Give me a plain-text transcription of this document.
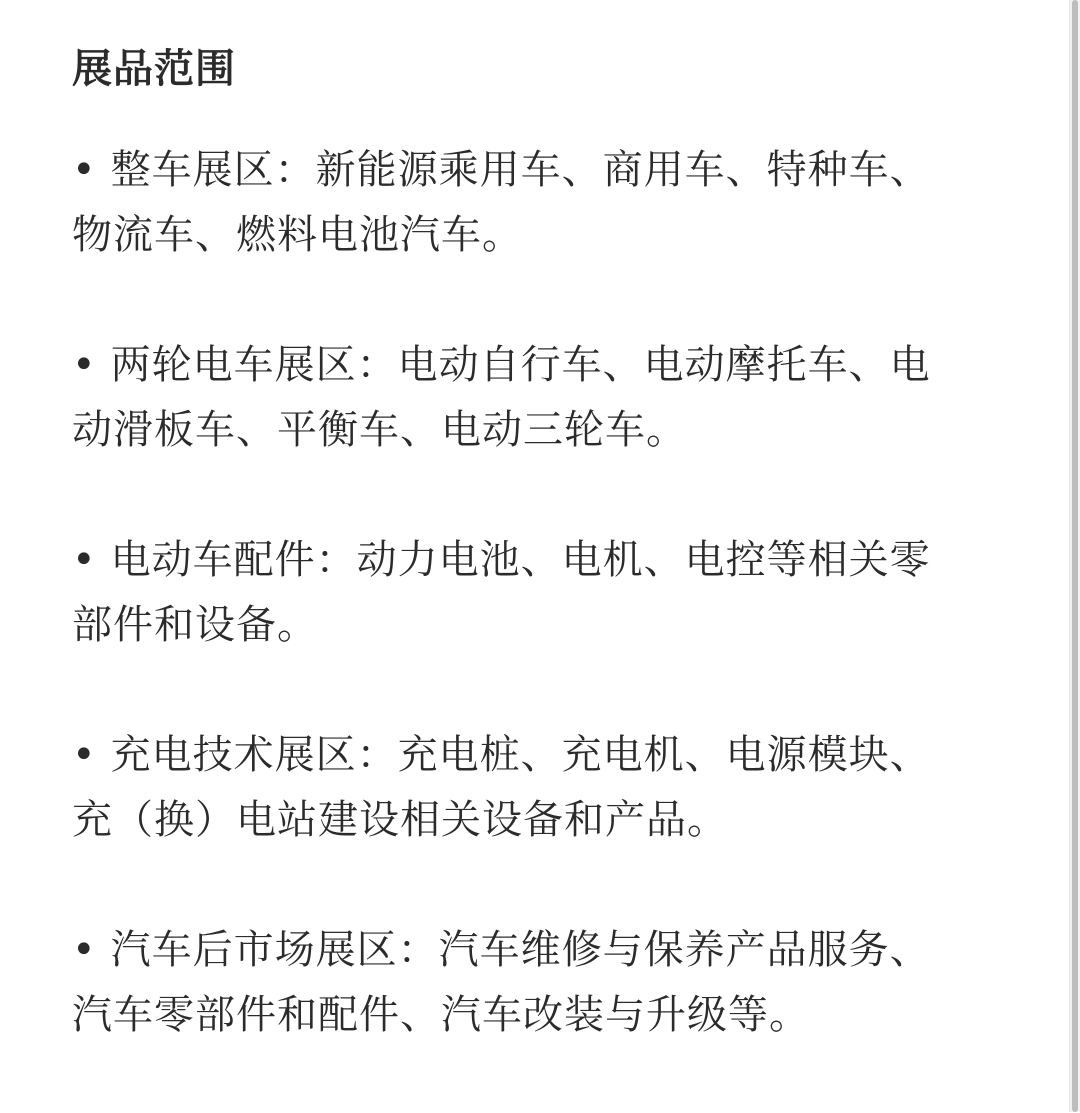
展品范围
• 整车展区：新能源乘用车、商用车、特种车、
物流车、燃料电池汽车。
• 两轮电车展区：电动自行车、电动摩托车、电
动滑板车、平衡车、电动三轮车。
• 电动车配件：动力电池、电机、电控等相关零
部件和设备。
• 充电技术展区：充电桩、充电机、电源模块、
充（换）电站建设相关设备和产品。
• 汽车后市场展区：汽车维修与保养产品服务、
汽车零部件和配件、汽车改装与升级等。
